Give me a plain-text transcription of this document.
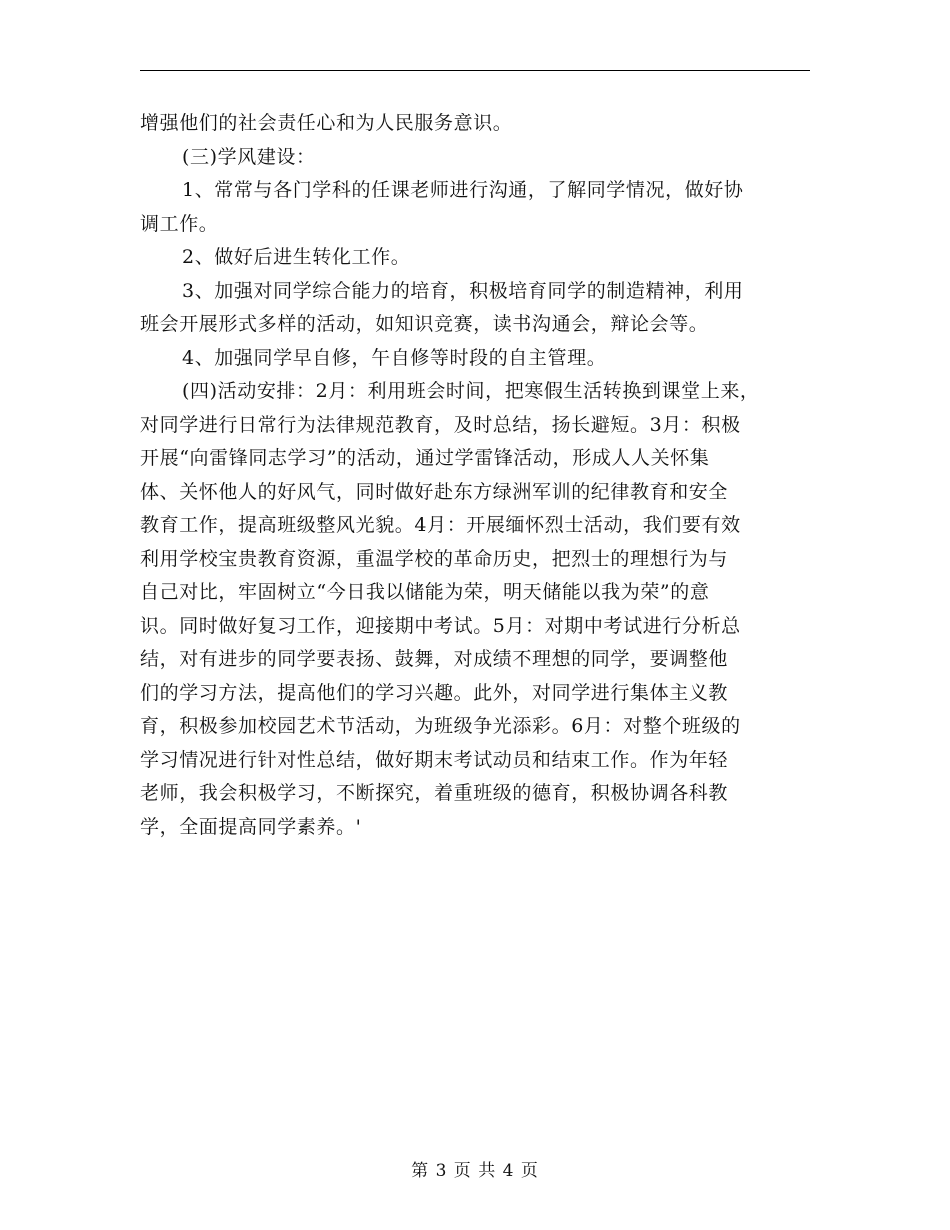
增强他们的社会责任心和为人民服务意识。
(三)学风建设：
1、常常与各门学科的任课老师进行沟通，了解同学情况，做好协
调工作。
2、做好后进生转化工作。
3、加强对同学综合能力的培育，积极培育同学的制造精神，利用
班会开展形式多样的活动，如知识竞赛，读书沟通会，辩论会等。
4、加强同学早自修，午自修等时段的自主管理。
(四)活动安排：2月：利用班会时间，把寒假生活转换到课堂上来，
对同学进行日常行为法律规范教育，及时总结，扬长避短。3月：积极
开展“向雷锋同志学习”的活动，通过学雷锋活动，形成人人关怀集
体、关怀他人的好风气，同时做好赴东方绿洲军训的纪律教育和安全
教育工作，提高班级整风光貌。4月：开展缅怀烈士活动，我们要有效
利用学校宝贵教育资源，重温学校的革命历史，把烈士的理想行为与
自己对比，牢固树立“今日我以储能为荣，明天储能以我为荣”的意
识。同时做好复习工作，迎接期中考试。5月：对期中考试进行分析总
结，对有进步的同学要表扬、鼓舞，对成绩不理想的同学，要调整他
们的学习方法，提高他们的学习兴趣。此外，对同学进行集体主义教
育，积极参加校园艺术节活动，为班级争光添彩。6月：对整个班级的
学习情况进行针对性总结，做好期末考试动员和结束工作。作为年轻
老师，我会积极学习，不断探究，着重班级的德育，积极协调各科教
学，全面提高同学素养。'
第 3 页 共 4 页
